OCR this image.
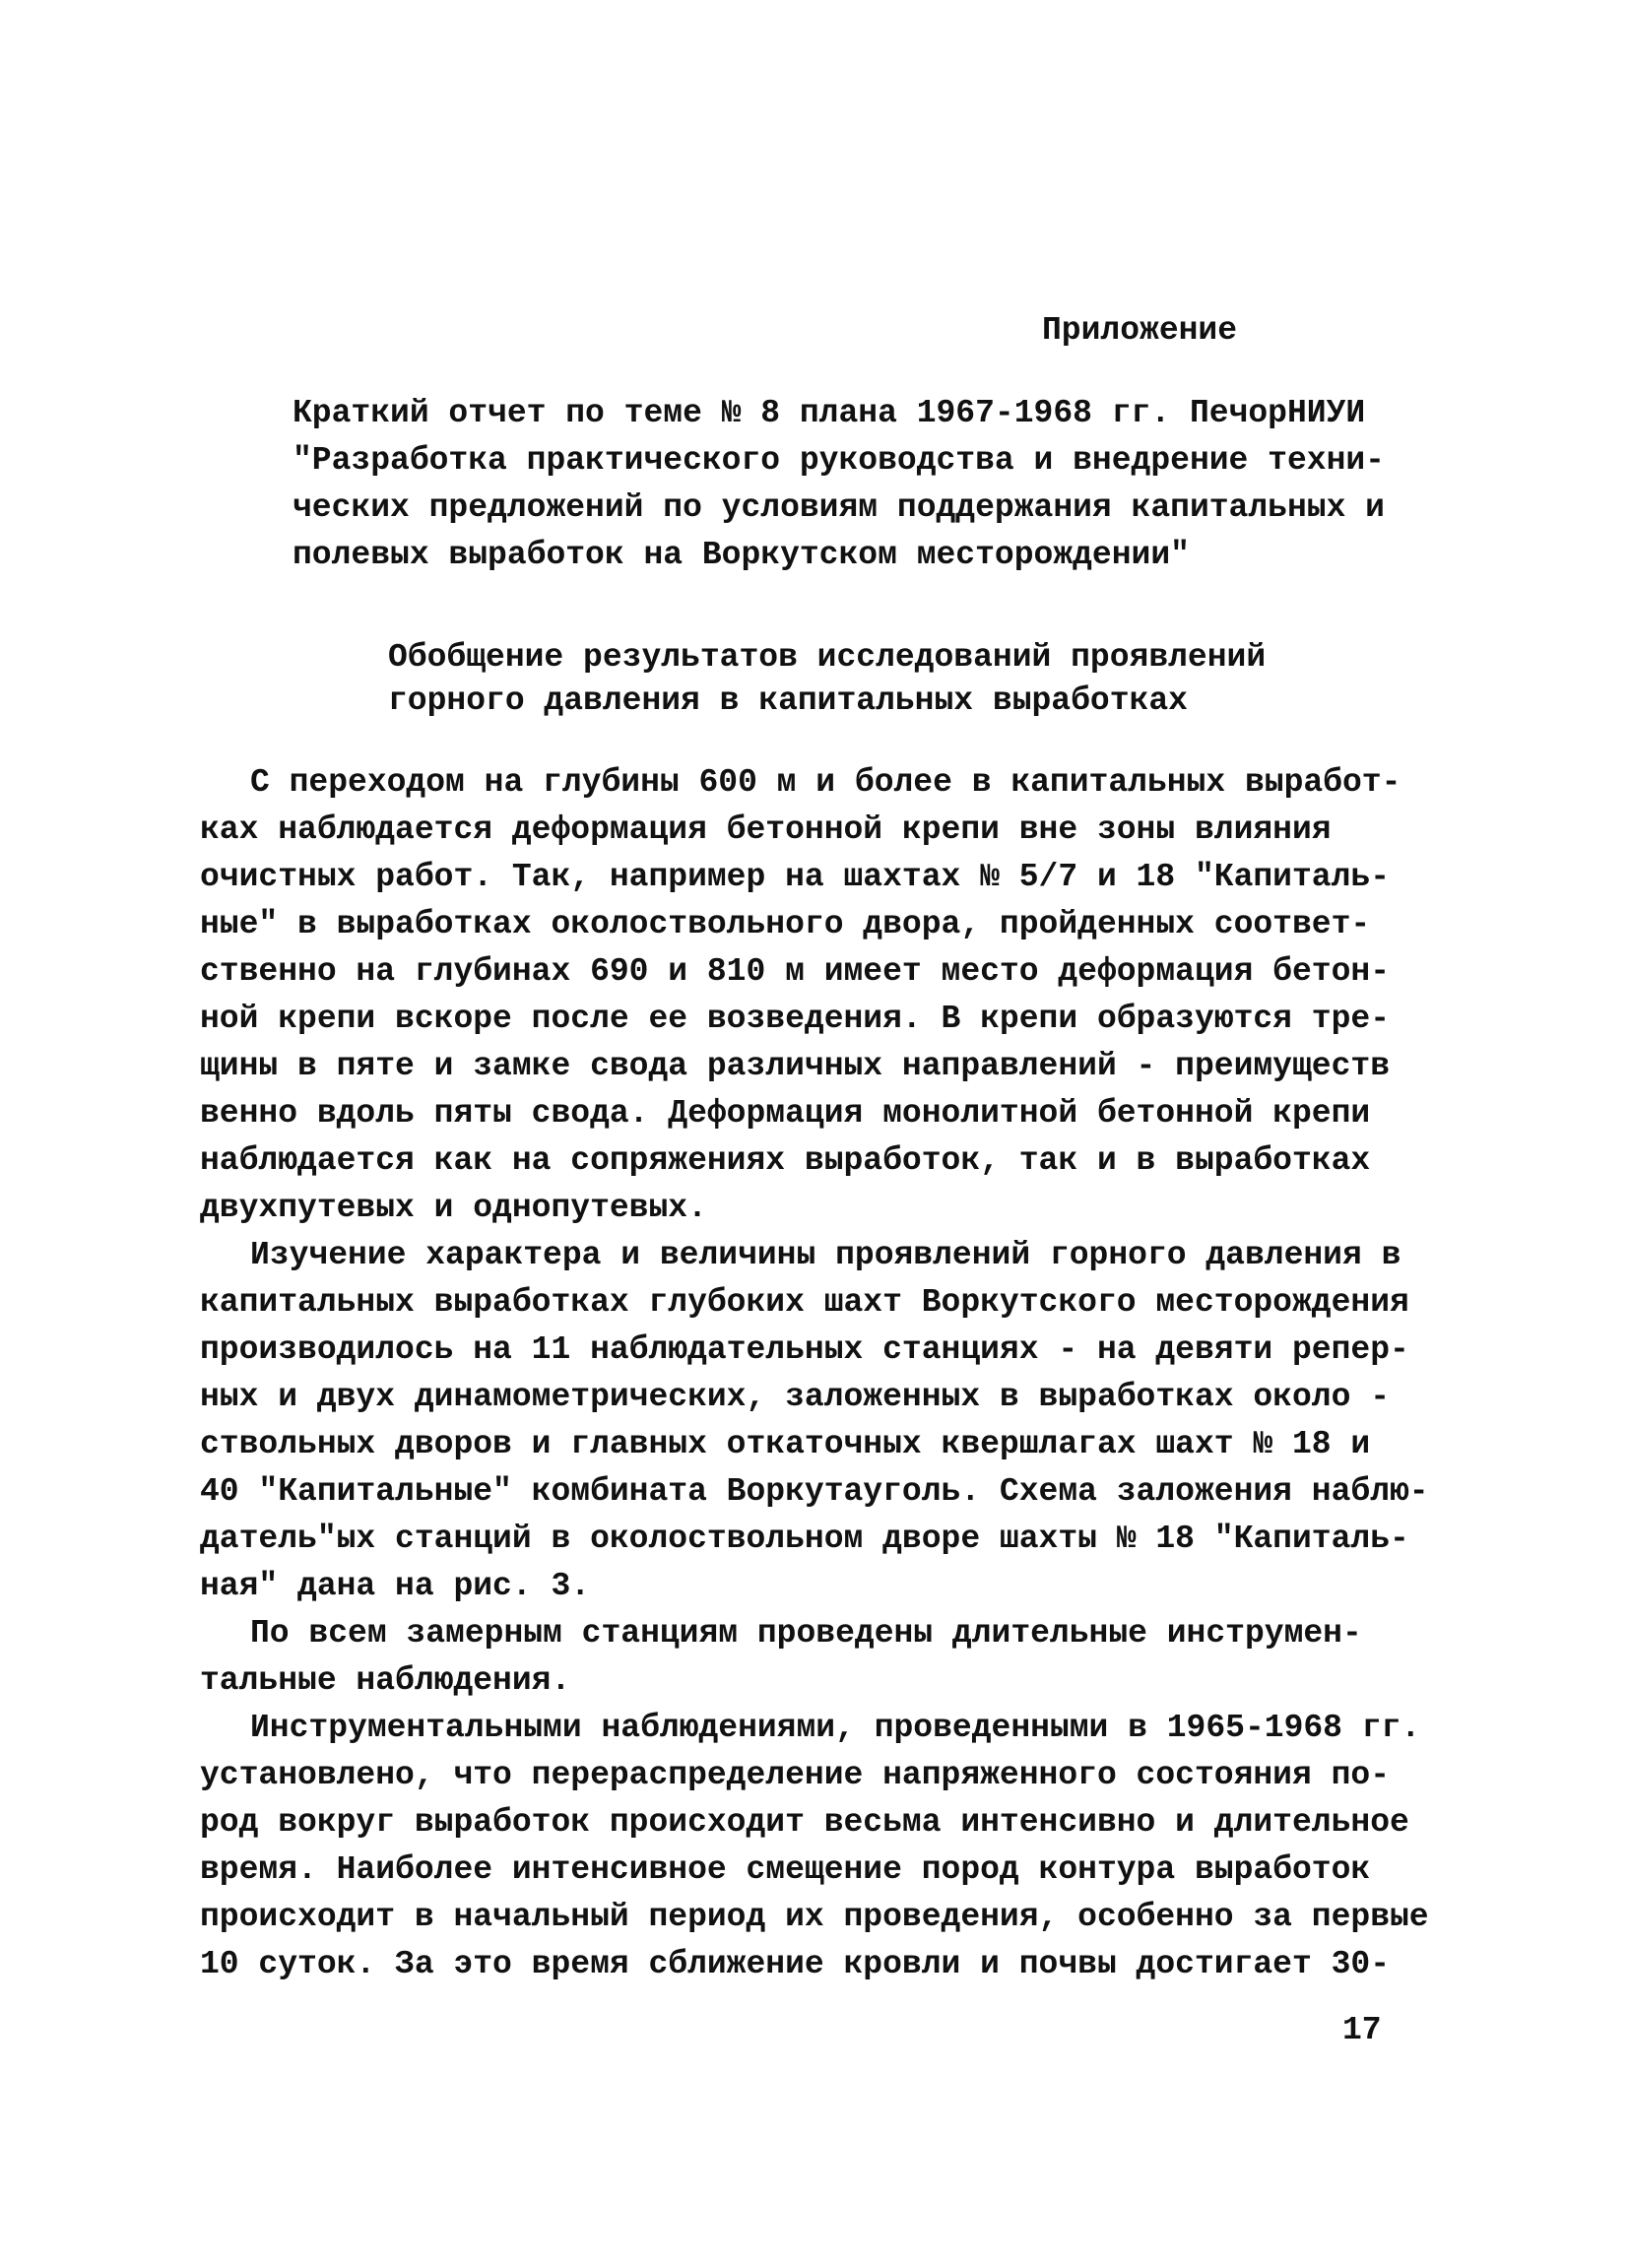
Приложение
Краткий отчет по теме № 8 плана 1967-1968 гг. ПечорНИУИ
"Разработка практического руководства и внедрение техни-
ческих предложений по условиям поддержания капитальных и
полевых выработок на Воркутском месторождении"
Обобщение результатов исследований проявлений
горного давления в капитальных выработках
С переходом на глубины 600 м и более в капитальных выработ-
ках наблюдается деформация бетонной крепи вне зоны влияния
очистных работ. Так, например на шахтах № 5/7 и 18 "Капиталь-
ные" в выработках околоствольного двора, пройденных соответ-
ственно на глубинах 690 и 810 м имеет место деформация бетон-
ной крепи вскоре после ее возведения. В крепи образуются тре-
щины в пяте и замке свода различных направлений - преимуществ
венно вдоль пяты свода. Деформация монолитной бетонной крепи
наблюдается как на сопряжениях выработок, так и в выработках
двухпутевых и однопутевых.
Изучение характера и величины проявлений горного давления в
капитальных выработках глубоких шахт Воркутского месторождения
производилось на 11 наблюдательных станциях - на девяти репер-
ных и двух динамометрических, заложенных в выработках около -
ствольных дворов и главных откаточных квершлагах шахт № 18 и
40 "Капитальные" комбината Воркутауголь. Схема заложения наблю-
датель"ых станций в околоствольном дворе шахты № 18 "Капиталь-
ная" дана на рис. 3.
По всем замерным станциям проведены длительные инструмен-
тальные наблюдения.
Инструментальными наблюдениями, проведенными в 1965-1968 гг.
установлено, что перераспределение напряженного состояния по-
род вокруг выработок происходит весьма интенсивно и длительное
время. Наиболее интенсивное смещение пород контура выработок
происходит в начальный период их проведения, особенно за первые
10 суток. За это время сближение кровли и почвы достигает 30-
17
